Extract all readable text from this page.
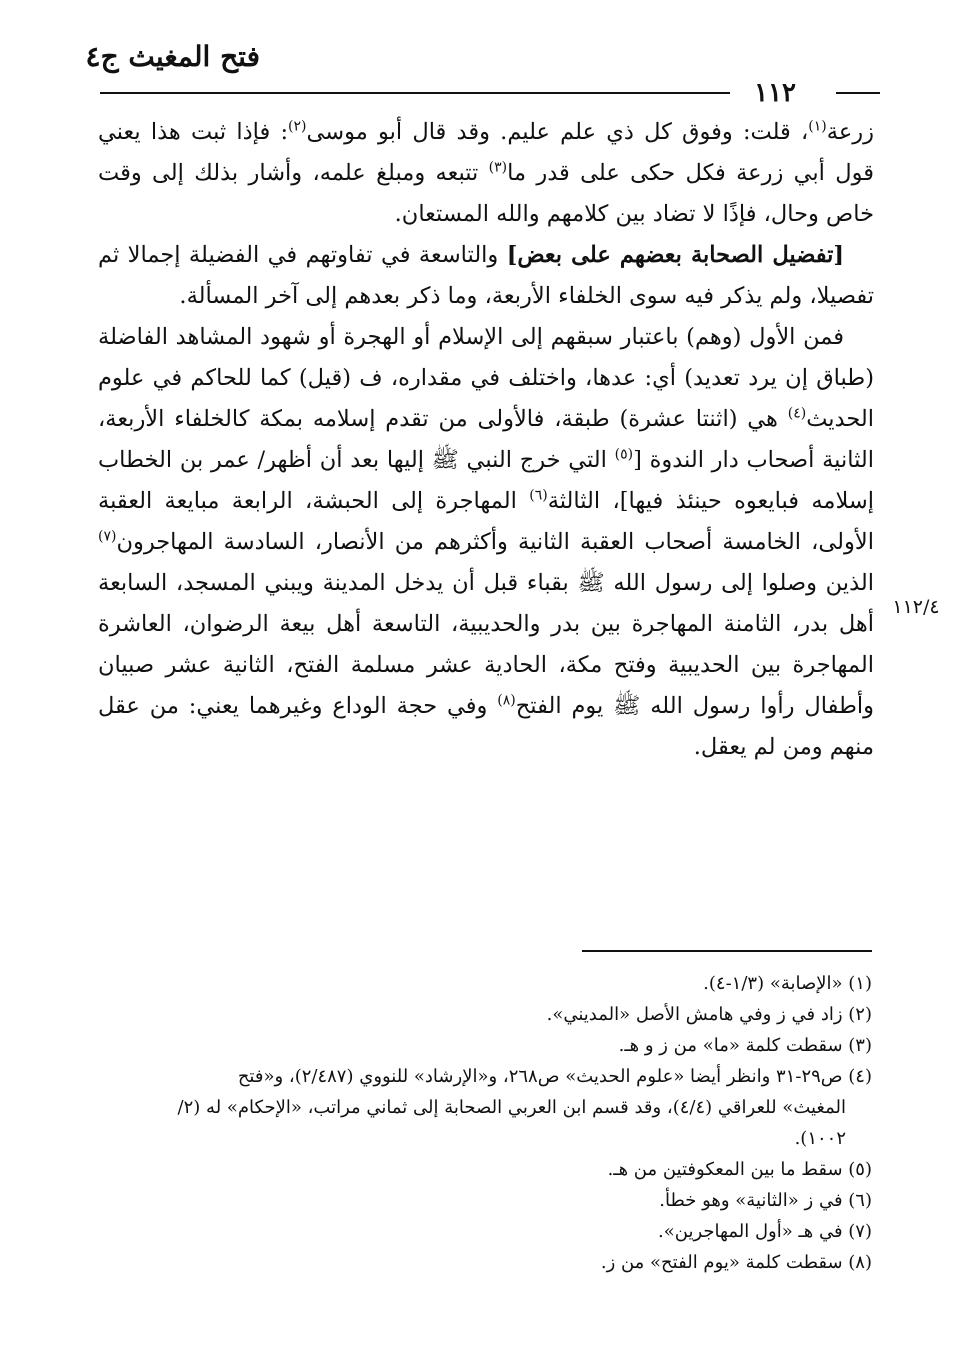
فتح المغيث ج٤
١١٢
١١٢/٤

زرعة$^{(١)}$، قلت: وفوق كل ذي علم عليم. وقد قال أبو موسى$^{(٢)}$: فإذا ثبت هذا يعني قول أبي زرعة فكل حكى على قدر ما$^{(٣)}$ تتبعه ومبلغ علمه، وأشار بذلك إلى وقت خاص وحال، فإذًا لا تضاد بين كلامهم والله المستعان.

[تفضيل الصحابة بعضهم على بعض] والتاسعة في تفاوتهم في الفضيلة إجمالا ثم تفصيلا، ولم يذكر فيه سوى الخلفاء الأربعة، وما ذكر بعدهم إلى آخر المسألة.

فمن الأول (وهم) باعتبار سبقهم إلى الإسلام أو الهجرة أو شهود المشاهد الفاضلة (طباق إن يرد تعديد) أي: عدها، واختلف في مقداره، ف (قيل) كما للحاكم في علوم الحديث$^{(٤)}$ هي (اثنتا عشرة) طبقة، فالأولى من تقدم إسلامه بمكة كالخلفاء الأربعة، الثانية أصحاب دار الندوة [$^{(٥)}$ التي خرج النبي ﷺ إليها بعد أن أظهر/ عمر بن الخطاب إسلامه فبايعوه حينئذ فيها]، الثالثة$^{(٦)}$ المهاجرة إلى الحبشة، الرابعة مبايعة العقبة الأولى، الخامسة أصحاب العقبة الثانية وأكثرهم من الأنصار، السادسة المهاجرون$^{(٧)}$ الذين وصلوا إلى رسول الله ﷺ بقباء قبل أن يدخل المدينة ويبني المسجد، السابعة أهل بدر، الثامنة المهاجرة بين بدر والحديبية، التاسعة أهل بيعة الرضوان، العاشرة المهاجرة بين الحديبية وفتح مكة، الحادية عشر مسلمة الفتح، الثانية عشر صبيان وأطفال رأوا رسول الله ﷺ يوم الفتح$^{(٨)}$ وفي حجة الوداع وغيرهما يعني: من عقل منهم ومن لم يعقل.

(١) «الإصابة» (١/٣-٤).
(٢) زاد في ز وفي هامش الأصل «المديني».
(٣) سقطت كلمة «ما» من ز و هـ.
(٤) ص٢٩-٣١ وانظر أيضا «علوم الحديث» ص٢٦٨، و«الإرشاد» للنووي (٢/٤٨٧)، و«فتح
المغيث» للعراقي (٤/٤)، وقد قسم ابن العربي الصحابة إلى ثماني مراتب، «الإحكام» له (٢/
١٠٠٢).
(٥) سقط ما بين المعكوفتين من هـ.
(٦) في ز «الثانية» وهو خطأ.
(٧) في هـ «أول المهاجرين».
(٨) سقطت كلمة «يوم الفتح» من ز.
